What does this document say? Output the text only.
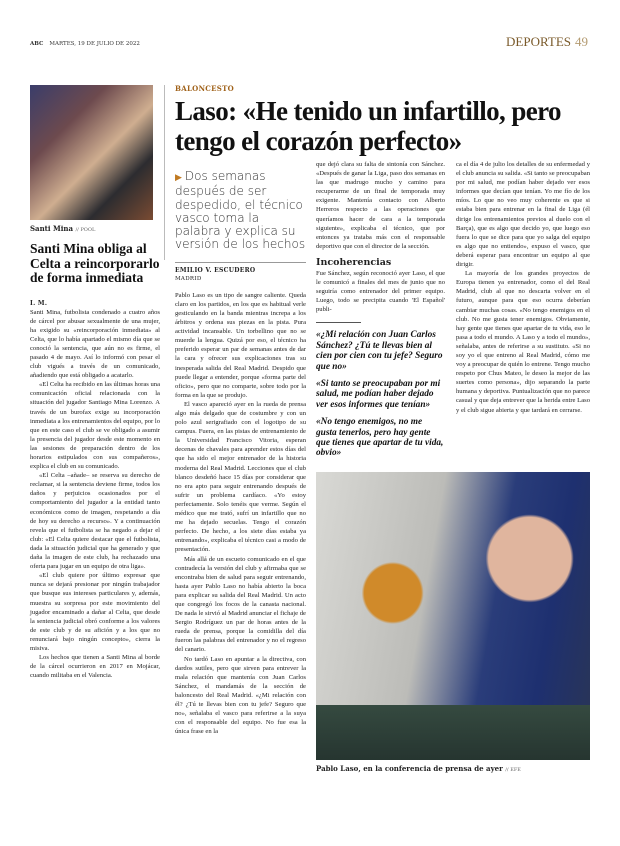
ABC MARTES, 19 DE JULIO DE 2022	DEPORTES 49
Santi Mina // POOL
Santi Mina obliga al Celta a reincorporarlo de forma inmediata
I. M.

Santi Mina, futbolista condenado a cuatro años de cárcel por abusar sexualmente de una mujer, ha exigido su «reincorporación inmediata» al Celta, que lo había apartado el mismo día que se conoció la sentencia, que aún no es firme, el pasado 4 de mayo. Así lo informó con pesar el club vigués a través de un comunicado, añadiendo que está obligado a acatarlo.

«El Celta ha recibido en las últimas horas una comunicación oficial relacionada con la situación del jugador Santiago Mina Lorenzo. A través de un burofax exige su incorporación inmediata a los entrenamientos del equipo, por lo que en este caso el club se ve obligado a asumir la presencia del jugador desde este momento en las sesiones de preparación dentro de los horarios estipulados con sus compañeros», explica el club en su comunicado.

«El Celta –añade– se reserva su derecho de reclamar, si la sentencia deviene firme, todos los daños y perjuicios ocasionados por el comportamiento del jugador a la entidad tanto económicos como de imagen, respetando a día de hoy su derecho a recurso». Y a continuación revela que el futbolista se ha negado a dejar el club: «El Celta quiere destacar que el futbolista, dada la situación judicial que ha generado y que daña la imagen de este club, ha rechazado una oferta para jugar en un equipo de otra liga».

«El club quiere por último expresar que nunca se dejará presionar por ningún trabajador que busque sus intereses particulares y, además, muestra su sorpresa por este movimiento del jugador encaminado a dañar al Celta, que desde la sentencia judicial obró conforme a los valores de este club y de su afición y a los que no renunciará bajo ningún concepto», cierra la misiva.

Los hechos que tienen a Santi Mina al borde de la cárcel ocurrieron en 2017 en Mojácar, cuando militaba en el Valencia.

BALONCESTO
Laso: «He tenido un infartillo, pero tengo el corazón perfecto»
▶ Dos semanas después de ser despedido, el técnico vasco toma la palabra y explica su versión de los hechos
EMILIO V. ESCUDERO
MADRID

Pablo Laso es un tipo de sangre caliente. Queda claro en los partidos, en los que es habitual verle gesticulando en la banda mientras increpa a los árbitros y ordena sus piezas en la pista. Pura actividad incansable. Un torbellino que no se muerde la lengua. Quizá por eso, el técnico ha preferido esperar un par de semanas antes de dar la cara y ofrecer sus explicaciones tras su inesperada salida del Real Madrid. Despido que puede llegar a entender, porque «forma parte del oficio», pero que no comparte, sobre todo por la forma en la que se produjo.

El vasco apareció ayer en la rueda de prensa algo más delgado que de costumbre y con un polo azul serigrafiado con el logotipo de su campus. Fuera, en las pistas de entrenamiento de la Universidad Francisco Vitoria, esperan decenas de chavales para aprender estos días del que ha sido el mejor entrenador de la historia moderna del Real Madrid. Lecciones que el club blanco desdeñó hace 15 días por considerar que no era apto para seguir entrenando después de sufrir un problema cardíaco. «Yo estoy perfectamente. Solo tenéis que verme. Según el médico que me trató, sufrí un infartillo que no me ha dejado secuelas. Tengo el corazón perfecto. De hecho, a los siete días estaba ya entrenando», explicaba el técnico casi a modo de presentación.

Más allá de un escueto comunicado en el que contradecía la versión del club y afirmaba que se encontraba bien de salud para seguir entrenando, hasta ayer Pablo Laso no había abierto la boca para explicar su salida del Real Madrid. Un acto que congregó los focos de la canasta nacional. De nada le sirvió al Madrid anunciar el fichaje de Sergio Rodríguez un par de horas antes de la rueda de prensa, porque la comidilla del día fueron las palabras del entrenador y no el regreso del canario.

No tardó Laso en apuntar a la directiva, con dardos sutiles, pero que sirven para entrever la mala relación que mantenía con Juan Carlos Sánchez, el mandamás de la sección de baloncesto del Real Madrid. «¿Mi relación con él? ¿Tú te llevas bien con tu jefe? Seguro que no», señalaba el vasco para referirse a la suya con el responsable del equipo. No fue esa la única frase en la

que dejó clara su falta de sintonía con Sánchez. «Después de ganar la Liga, paso dos semanas en las que madrugo mucho y camino para recuperarme de un final de temporada muy exigente. Mantenía contacto con Alberto Herreros respecto a las operaciones que queríamos hacer de cara a la temporada siguiente», explicaba el técnico, que por entonces ya trataba más con el responsable deportivo que con el director de la sección.

Incoherencias

Fue Sánchez, según reconoció ayer Laso, el que le comunicó a finales del mes de junio que no seguiría como entrenador del primer equipo. Luego, todo se precipita cuando 'El Español' publi-

«¿Mi relación con Juan Carlos Sánchez? ¿Tú te llevas bien al cien por cien con tu jefe? Seguro que no»
«Si tanto se preocupaban por mi salud, me podían haber dejado ver esos informes que tenían»
«No tengo enemigos, no me gusta tenerlos, pero hay gente que tienes que apartar de tu vida, obvio»

ca el día 4 de julio los detalles de su enfermedad y el club anuncia su salida. «Si tanto se preocupaban por mi salud, me podían haber dejado ver esos informes que decían que tenían. Yo me fío de los míos. Lo que no veo muy coherente es que si estaba bien para entrenar en la final de Liga (él dirige los entrenamientos previos al duelo con el Barça), que es algo que decido yo, que luego eso fuera lo que se dice para que yo salga del equipo es algo que no entiendo», expuso el vasco, que deberá esperar para encontrar un equipo al que dirigir.

La mayoría de los grandes proyectos de Europa tienen ya entrenador, como el del Real Madrid, club al que no descarta volver en el futuro, aunque para que eso ocurra deberían cambiar muchas cosas. «No tengo enemigos en el club. No me gusta tener enemigos. Obviamente, hay gente que tienes que apartar de tu vida, eso le pasa a todo el mundo. A Laso y a todo el mundo», señalaba, antes de referirse a su sustituto. «Si no soy yo el que entreno al Real Madrid, cómo me voy a preocupar de quién lo entrene. Tengo mucho respeto por Chus Mateo, le deseo la mejor de las suertes como persona», dijo separando la parte humana y deportiva. Puntualización que no parece casual y que deja entrever que la herida entre Laso y el club sigue abierta y que tardará en cerrarse.

Pablo Laso, en la conferencia de prensa de ayer // EFE
